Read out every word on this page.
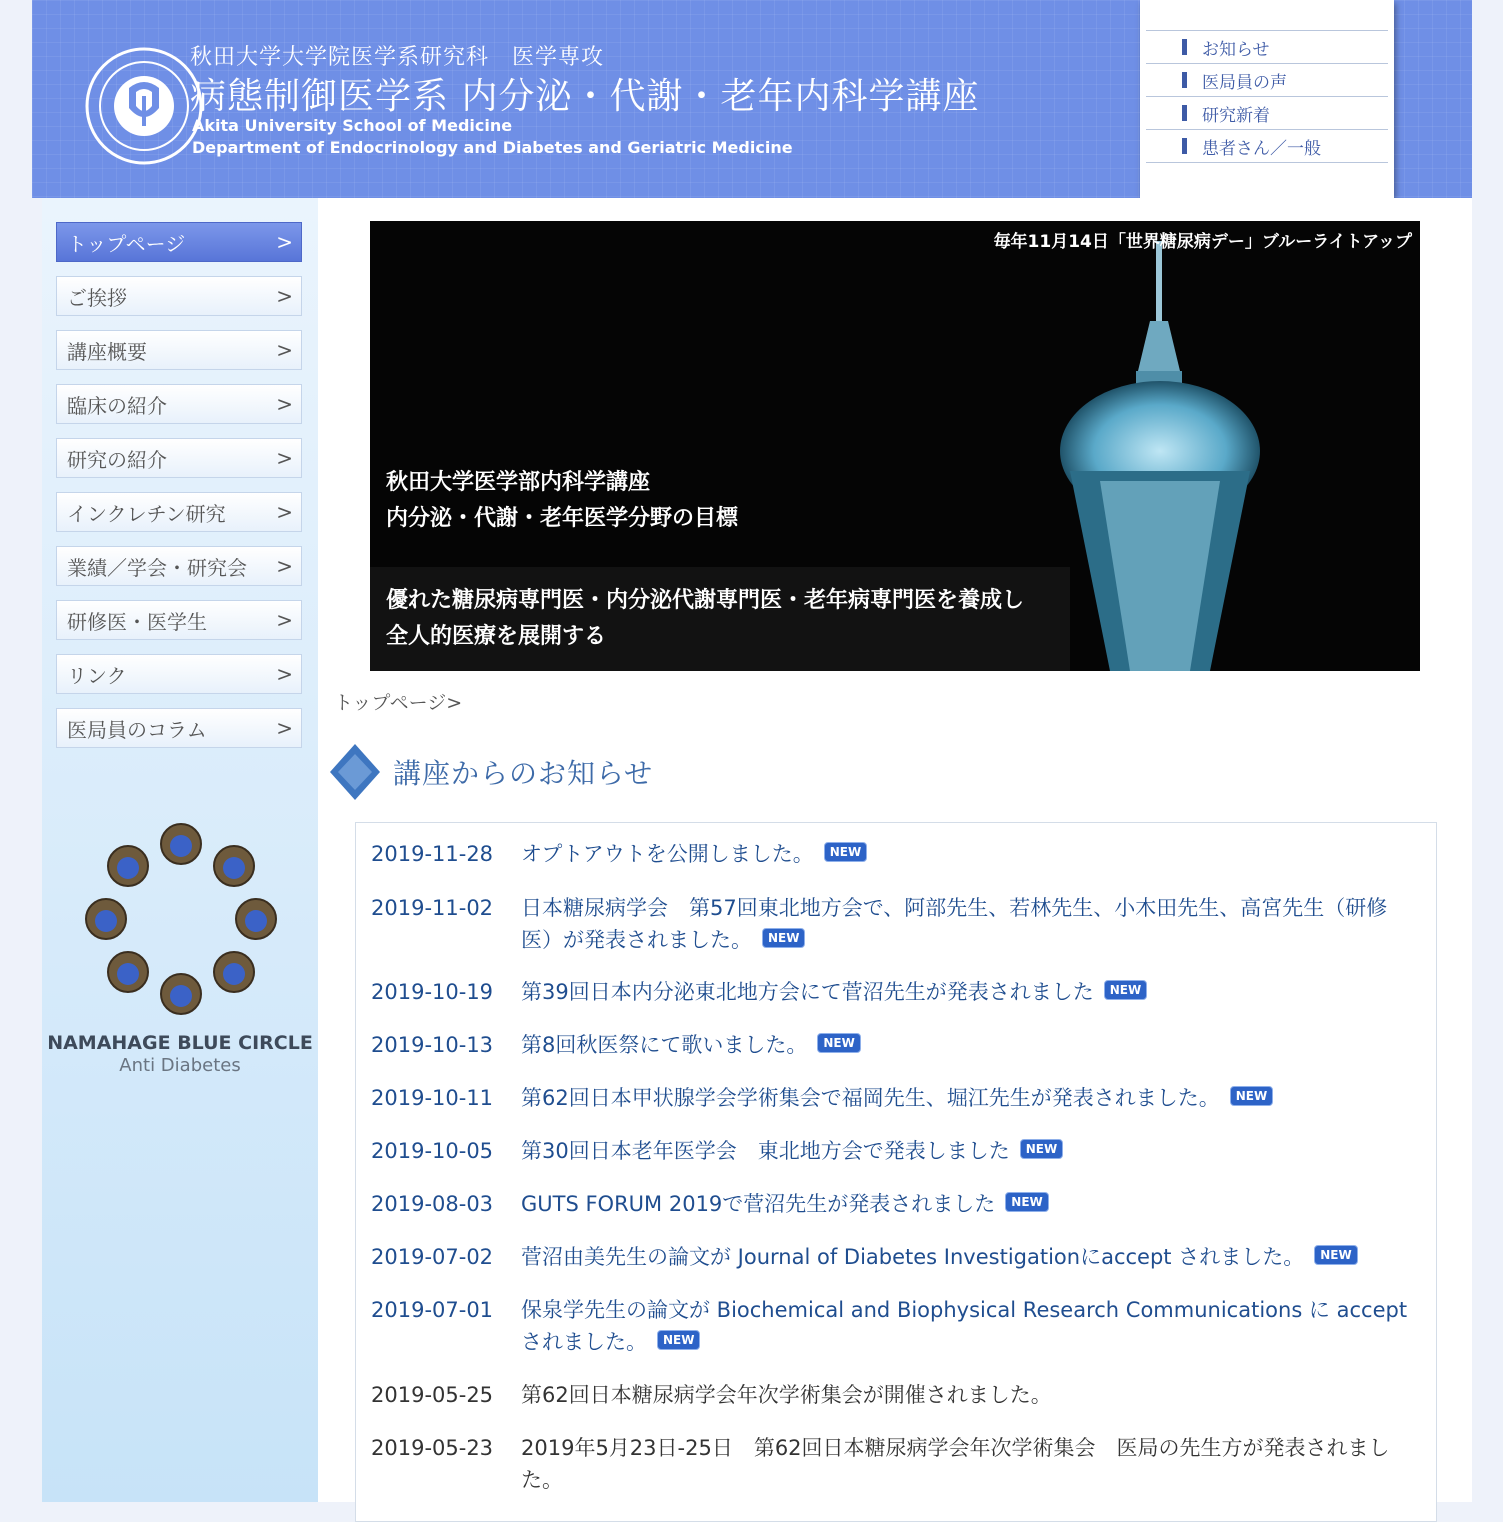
秋田大学大学院医学系研究科　医学専攻
病態制御医学系 内分泌・代謝・老年内科学講座
Akita University School of Medicine
Department of Endocrinology and Diabetes and Geriatric Medicine
お知らせ
医局員の声
研究新着
患者さん／一般
トップページ	>
ご挨拶	>
講座概要	>
臨床の紹介	>
研究の紹介	>
インクレチン研究	>
業績／学会・研究会 >
研修医・医学生	>
リンク	>
医局員のコラム	>
NAMAHAGE BLUE CIRCLE
Anti Diabetes
毎年11月14日「世界糖尿病デー」ブルーライトアップ
秋田大学医学部内科学講座
内分泌・代謝・老年医学分野の目標
優れた糖尿病専門医・内分泌代謝専門医・老年病専門医を養成し
全人的医療を展開する
トップページ>
講座からのお知らせ
2019-11-28	オプトアウトを公開しました。 NEW
2019-11-02	日本糖尿病学会　第57回東北地方会で、阿部先生、若林先生、小木田先生、高宮先生（研修医）が発表されました。 NEW
2019-10-19	第39回日本内分泌東北地方会にて菅沼先生が発表されました NEW
2019-10-13	第8回秋医祭にて歌いました。 NEW
2019-10-11	第62回日本甲状腺学会学術集会で福岡先生、堀江先生が発表されました。 NEW
2019-10-05	第30回日本老年医学会　東北地方会で発表しました NEW
2019-08-03	GUTS FORUM 2019で菅沼先生が発表されました NEW
2019-07-02	菅沼由美先生の論文が Journal of Diabetes Investigationにaccept されました。 NEW
2019-07-01	保泉学先生の論文が Biochemical and Biophysical Research Communications に accept されました。 NEW
2019-05-25	第62回日本糖尿病学会年次学術集会が開催されました。
2019-05-23	2019年5月23日-25日　第62回日本糖尿病学会年次学術集会　医局の先生方が発表されました。
